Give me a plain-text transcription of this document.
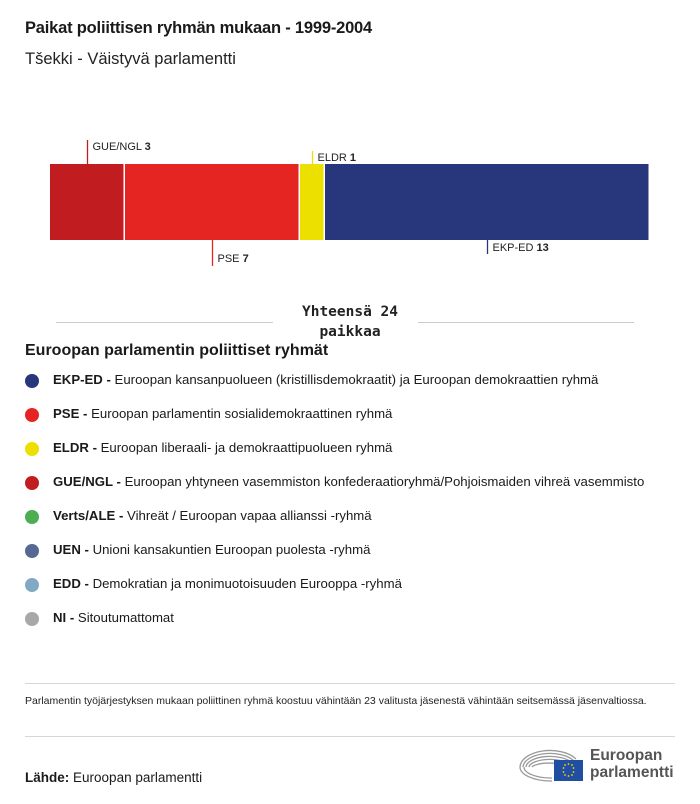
Paikat poliittisen ryhmän mukaan - 1999-2004
Tšekki - Väistyvä parlamentti
GUE/NGL 3
PSE 7
ELDR 1
EKP-ED 13
Yhteensä 24
paikkaa
Euroopan parlamentin poliittiset ryhmät
EKP-ED - Euroopan kansanpuolueen (kristillisdemokraatit) ja Euroopan demokraattien ryhmä
PSE - Euroopan parlamentin sosialidemokraattinen ryhmä
ELDR - Euroopan liberaali- ja demokraattipuolueen ryhmä
GUE/NGL - Euroopan yhtyneen vasemmiston konfederaatioryhmä/Pohjoismaiden vihreä vasemmisto
Verts/ALE - Vihreät / Euroopan vapaa allianssi -ryhmä
UEN - Unioni kansakuntien Euroopan puolesta -ryhmä
EDD - Demokratian ja monimuotoisuuden Eurooppa -ryhmä
NI - Sitoutumattomat
Parlamentin työjärjestyksen mukaan poliittinen ryhmä koostuu vähintään 23 valitusta jäsenestä vähintään seitsemässä jäsenvaltiossa.
Lähde: Euroopan parlamentti
Euroopan
parlamentti
